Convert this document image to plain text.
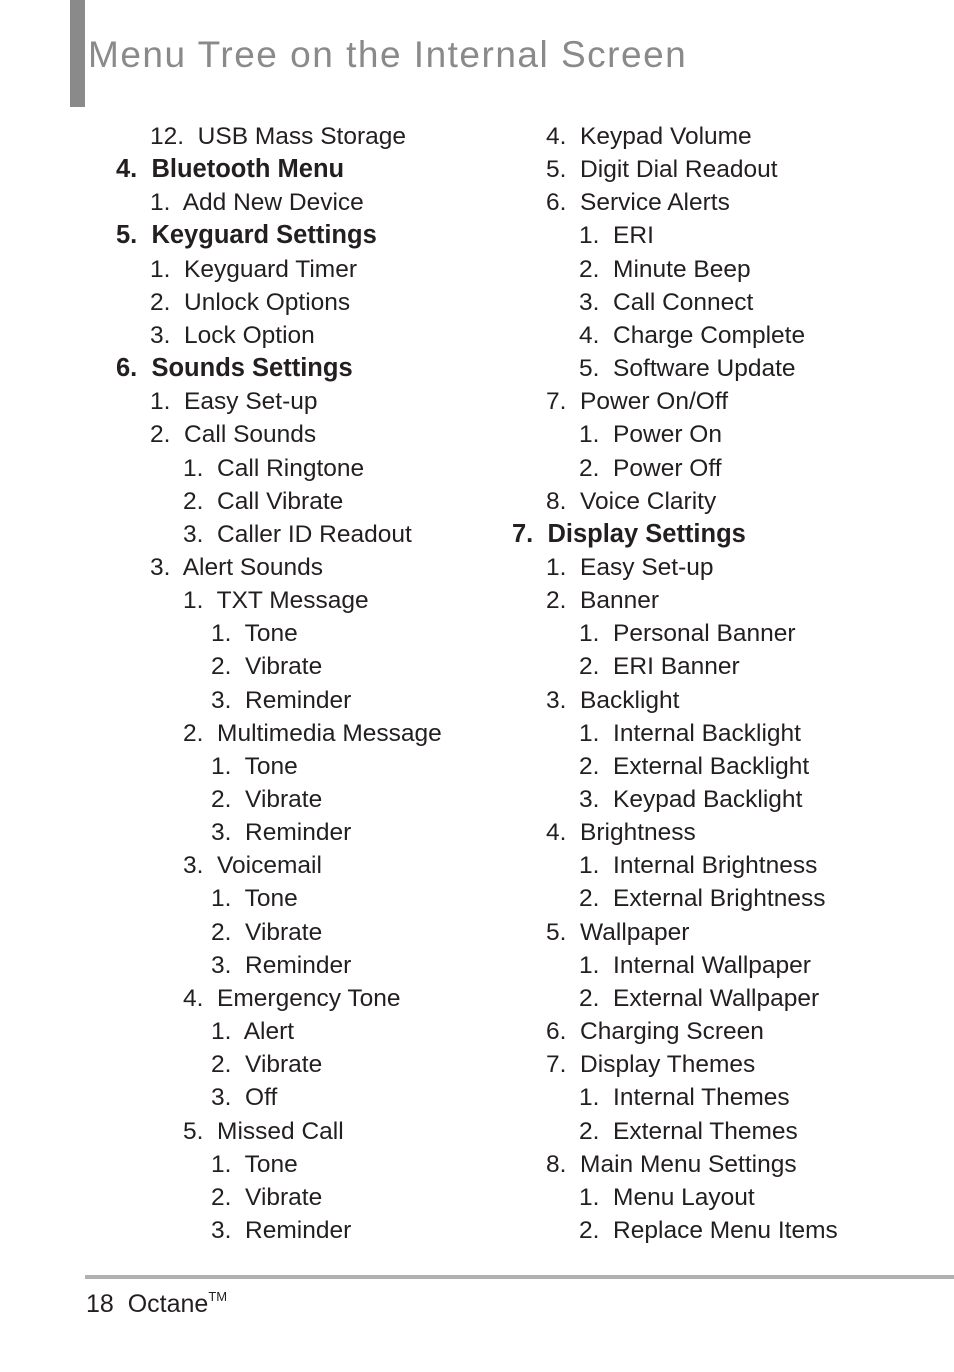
Menu Tree on the Internal Screen
12.  USB Mass Storage
4.  Bluetooth Menu
1.  Add New Device
5.  Keyguard Settings
1.  Keyguard Timer
2.  Unlock Options
3.  Lock Option
6.  Sounds Settings
1.  Easy Set-up
2.  Call Sounds
1.  Call Ringtone
2.  Call Vibrate
3.  Caller ID Readout
3.  Alert Sounds
1.  TXT Message
1.  Tone
2.  Vibrate
3.  Reminder
2.  Multimedia Message
1.  Tone
2.  Vibrate
3.  Reminder
3.  Voicemail
1.  Tone
2.  Vibrate
3.  Reminder
4.  Emergency Tone
1.  Alert
2.  Vibrate
3.  Off
5.  Missed Call
1.  Tone
2.  Vibrate
3.  Reminder
4.  Keypad Volume
5.  Digit Dial Readout
6.  Service Alerts
1.  ERI
2.  Minute Beep
3.  Call Connect
4.  Charge Complete
5.  Software Update
7.  Power On/Off
1.  Power On
2.  Power Off
8.  Voice Clarity
7.  Display Settings
1.  Easy Set-up
2.  Banner
1.  Personal Banner
2.  ERI Banner
3.  Backlight
1.  Internal Backlight
2.  External Backlight
3.  Keypad Backlight
4.  Brightness
1.  Internal Brightness
2.  External Brightness
5.  Wallpaper
1.  Internal Wallpaper
2.  External Wallpaper
6.  Charging Screen
7.  Display Themes
1.  Internal Themes
2.  External Themes
8.  Main Menu Settings
1.  Menu Layout
2.  Replace Menu Items
18 Octane™
